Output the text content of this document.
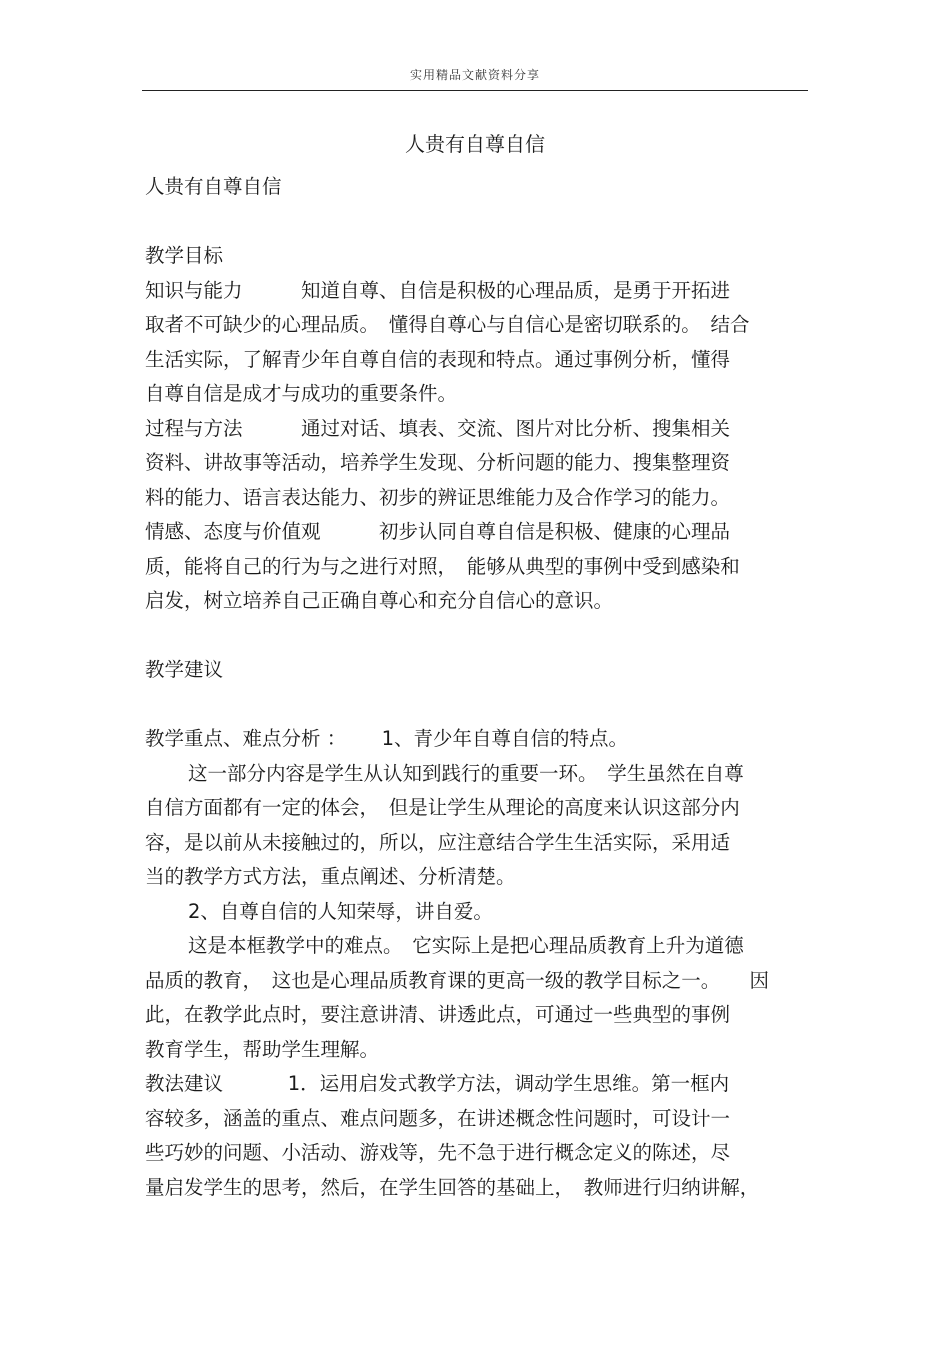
实用精品文献资料分享
人贵有自尊自信
人贵有自尊自信
教学目标
知识与能力　　　知道自尊、自信是积极的心理品质，是勇于开拓进
取者不可缺少的心理品质。　懂得自尊心与自信心是密切联系的。　结合
生活实际，了解青少年自尊自信的表现和特点。通过事例分析，懂得
自尊自信是成才与成功的重要条件。
过程与方法　　　通过对话、填表、交流、图片对比分析、搜集相关
资料、讲故事等活动，培养学生发现、分析问题的能力、搜集整理资
料的能力、语言表达能力、初步的辨证思维能力及合作学习的能力。
情感、态度与价值观　　　初步认同自尊自信是积极、健康的心理品
质，能将自己的行为与之进行对照，　能够从典型的事例中受到感染和
启发，树立培养自己正确自尊心和充分自信心的意识。
教学建议
教学重点、难点分析 ：　　 1、青少年自尊自信的特点。
这一部分内容是学生从认知到践行的重要一环。　学生虽然在自尊
自信方面都有一定的体会，　但是让学生从理论的高度来认识这部分内
容，是以前从未接触过的，所以，应注意结合学生生活实际，采用适
当的教学方式方法，重点阐述、分析清楚。
2、自尊自信的人知荣辱，讲自爱。
这是本框教学中的难点。　它实际上是把心理品质教育上升为道德
品质的教育，　这也是心理品质教育课的更高一级的教学目标之一。　　因
此，在教学此点时，要注意讲清、讲透此点，可通过一些典型的事例
教育学生，帮助学生理解。
教法建议　　　 1．运用启发式教学方法，调动学生思维。第一框内
容较多，涵盖的重点、难点问题多，在讲述概念性问题时，可设计一
些巧妙的问题、小活动、游戏等，先不急于进行概念定义的陈述，尽
量启发学生的思考，然后，在学生回答的基础上，　教师进行归纳讲解，
